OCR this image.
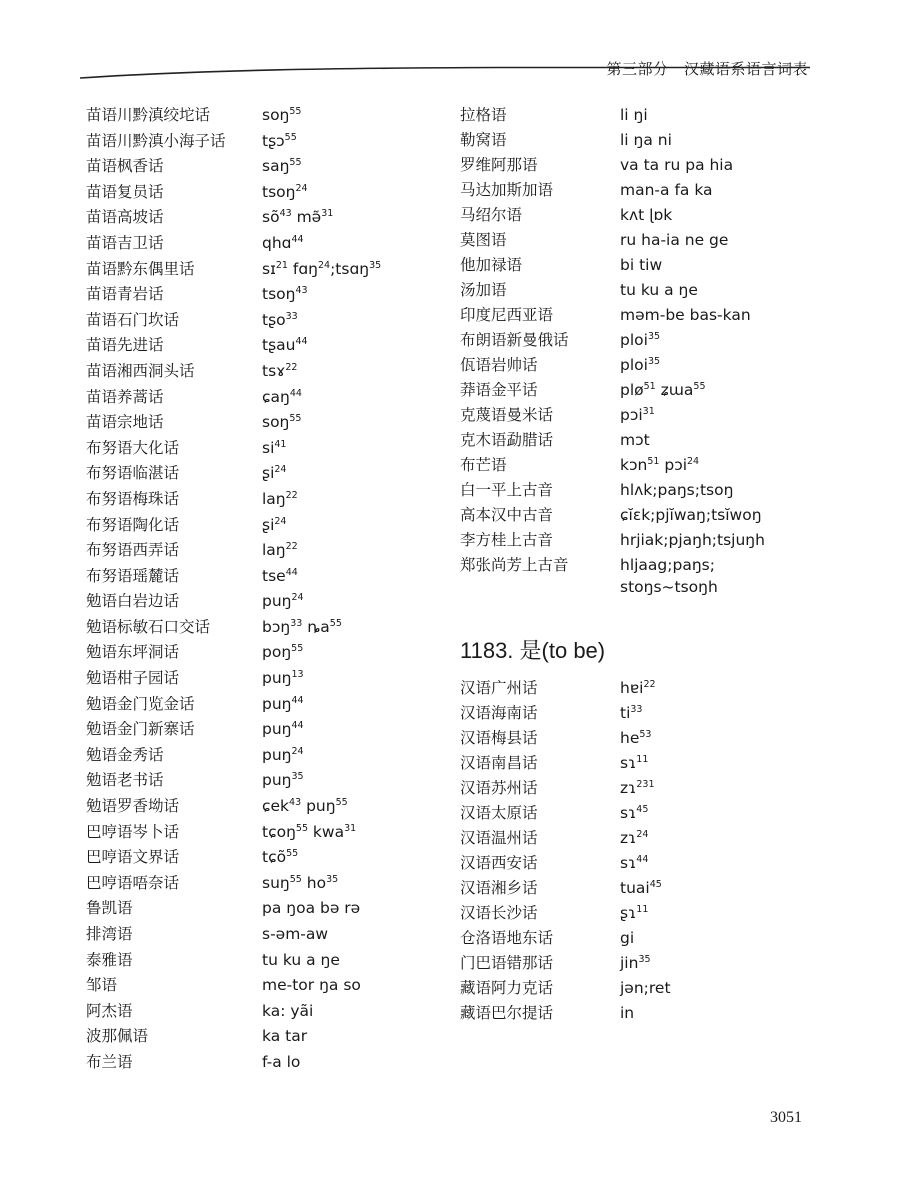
第三部分　汉藏语系语言词表
苗语川黔滇绞坨话	soŋ$^{55}$
苗语川黔滇小海子话	tʂɔ$^{55}$
苗语枫香话	saŋ$^{55}$
苗语复员话	tsoŋ$^{24}$
苗语高坡话	$sõ^{43}$ mə̃$^{31}$
苗语吉卫话	qhɑ$^{44}$
苗语黔东偶里话	sɪ$^{21}$ fɑŋ$^{24}$;tsɑŋ$^{35}$
苗语青岩话	tsoŋ$^{43}$
苗语石门坎话	tʂo$^{33}$
苗语先进话	tʂau$^{44}$
苗语湘西洞头话	tsɤ$^{22}$
苗语养蒿话	ɕaŋ$^{44}$
苗语宗地话	soŋ$^{55}$
布努语大化话	$si^{41}$
布努语临湛话	ʂi$^{24}$
布努语梅珠话	laŋ$^{22}$
布努语陶化话	ʂi$^{24}$
布努语西弄话	laŋ$^{22}$
布努语瑶麓话	tse$^{44}$
勉语白岩边话	puŋ$^{24}$
勉语标敏石口交话	bɔŋ$^{33}$ $ȵa^{55}$
勉语东坪洞话	poŋ$^{55}$
勉语柑子园话	puŋ$^{13}$
勉语金门览金话	puŋ$^{44}$
勉语金门新寨话	puŋ$^{44}$
勉语金秀话	puŋ$^{24}$
勉语老书话	puŋ$^{35}$
勉语罗香坳话	ɕek$^{43}$ puŋ$^{55}$
巴哼语岑卜话	tɕoŋ$^{55}$ kwa$^{31}$
巴哼语文界话	tɕõ$^{55}$
巴哼语唔奈话	suŋ$^{55}$ $ho^{35}$
鲁凯语	pa ŋoa bə rə
排湾语	s-əm-aw
泰雅语	tu ku a ŋe
邹语	me-tor ŋa so
阿杰语	ka: yãi
波那佩语	ka tar
布兰语	f-a lo
拉格语	li ŋi
勒窝语	li ŋa ni
罗维阿那语	va ta ru pa hia
马达加斯加语	man-a fa ka
马绍尔语	kʌt ɭɒk
莫图语	ru ha-ia ne ge
他加禄语	bi tiw
汤加语	tu ku a ŋe
印度尼西亚语	məm-be bas-kan
布朗语新曼俄话	ploi$^{35}$
佤语岩帅话	ploi$^{35}$
莽语金平话	plø$^{51}$ ʑɯa$^{55}$
克蔑语曼米话	pɔi$^{31}$
克木语勐腊话	mɔt
布芒语	kɔn$^{51}$ pɔi$^{24}$
白一平上古音	hlʌk;paŋs;tsoŋ
高本汉中古音	ɕĭɛk;pjĭwaŋ;tsĭwoŋ
李方桂上古音	hrjiak;pjaŋh;tsjuŋh
郑张尚芳上古音	hljaag;paŋs;
stoŋs~tsoŋh
1183. 是(to be)
汉语广州话	hɐi$^{22}$
汉语海南话	$ti^{33}$
汉语梅县话	$he^{53}$
汉语南昌话	sɿ$^{11}$
汉语苏州话	zɿ$^{231}$
汉语太原话	sɿ$^{45}$
汉语温州话	zɿ$^{24}$
汉语西安话	sɿ$^{44}$
汉语湘乡话	tuai$^{45}$
汉语长沙话	ʂɿ$^{11}$
仓洛语地东话	gi
门巴语错那话	jin$^{35}$
藏语阿力克话	jən;ret
藏语巴尔提话	in
3051
